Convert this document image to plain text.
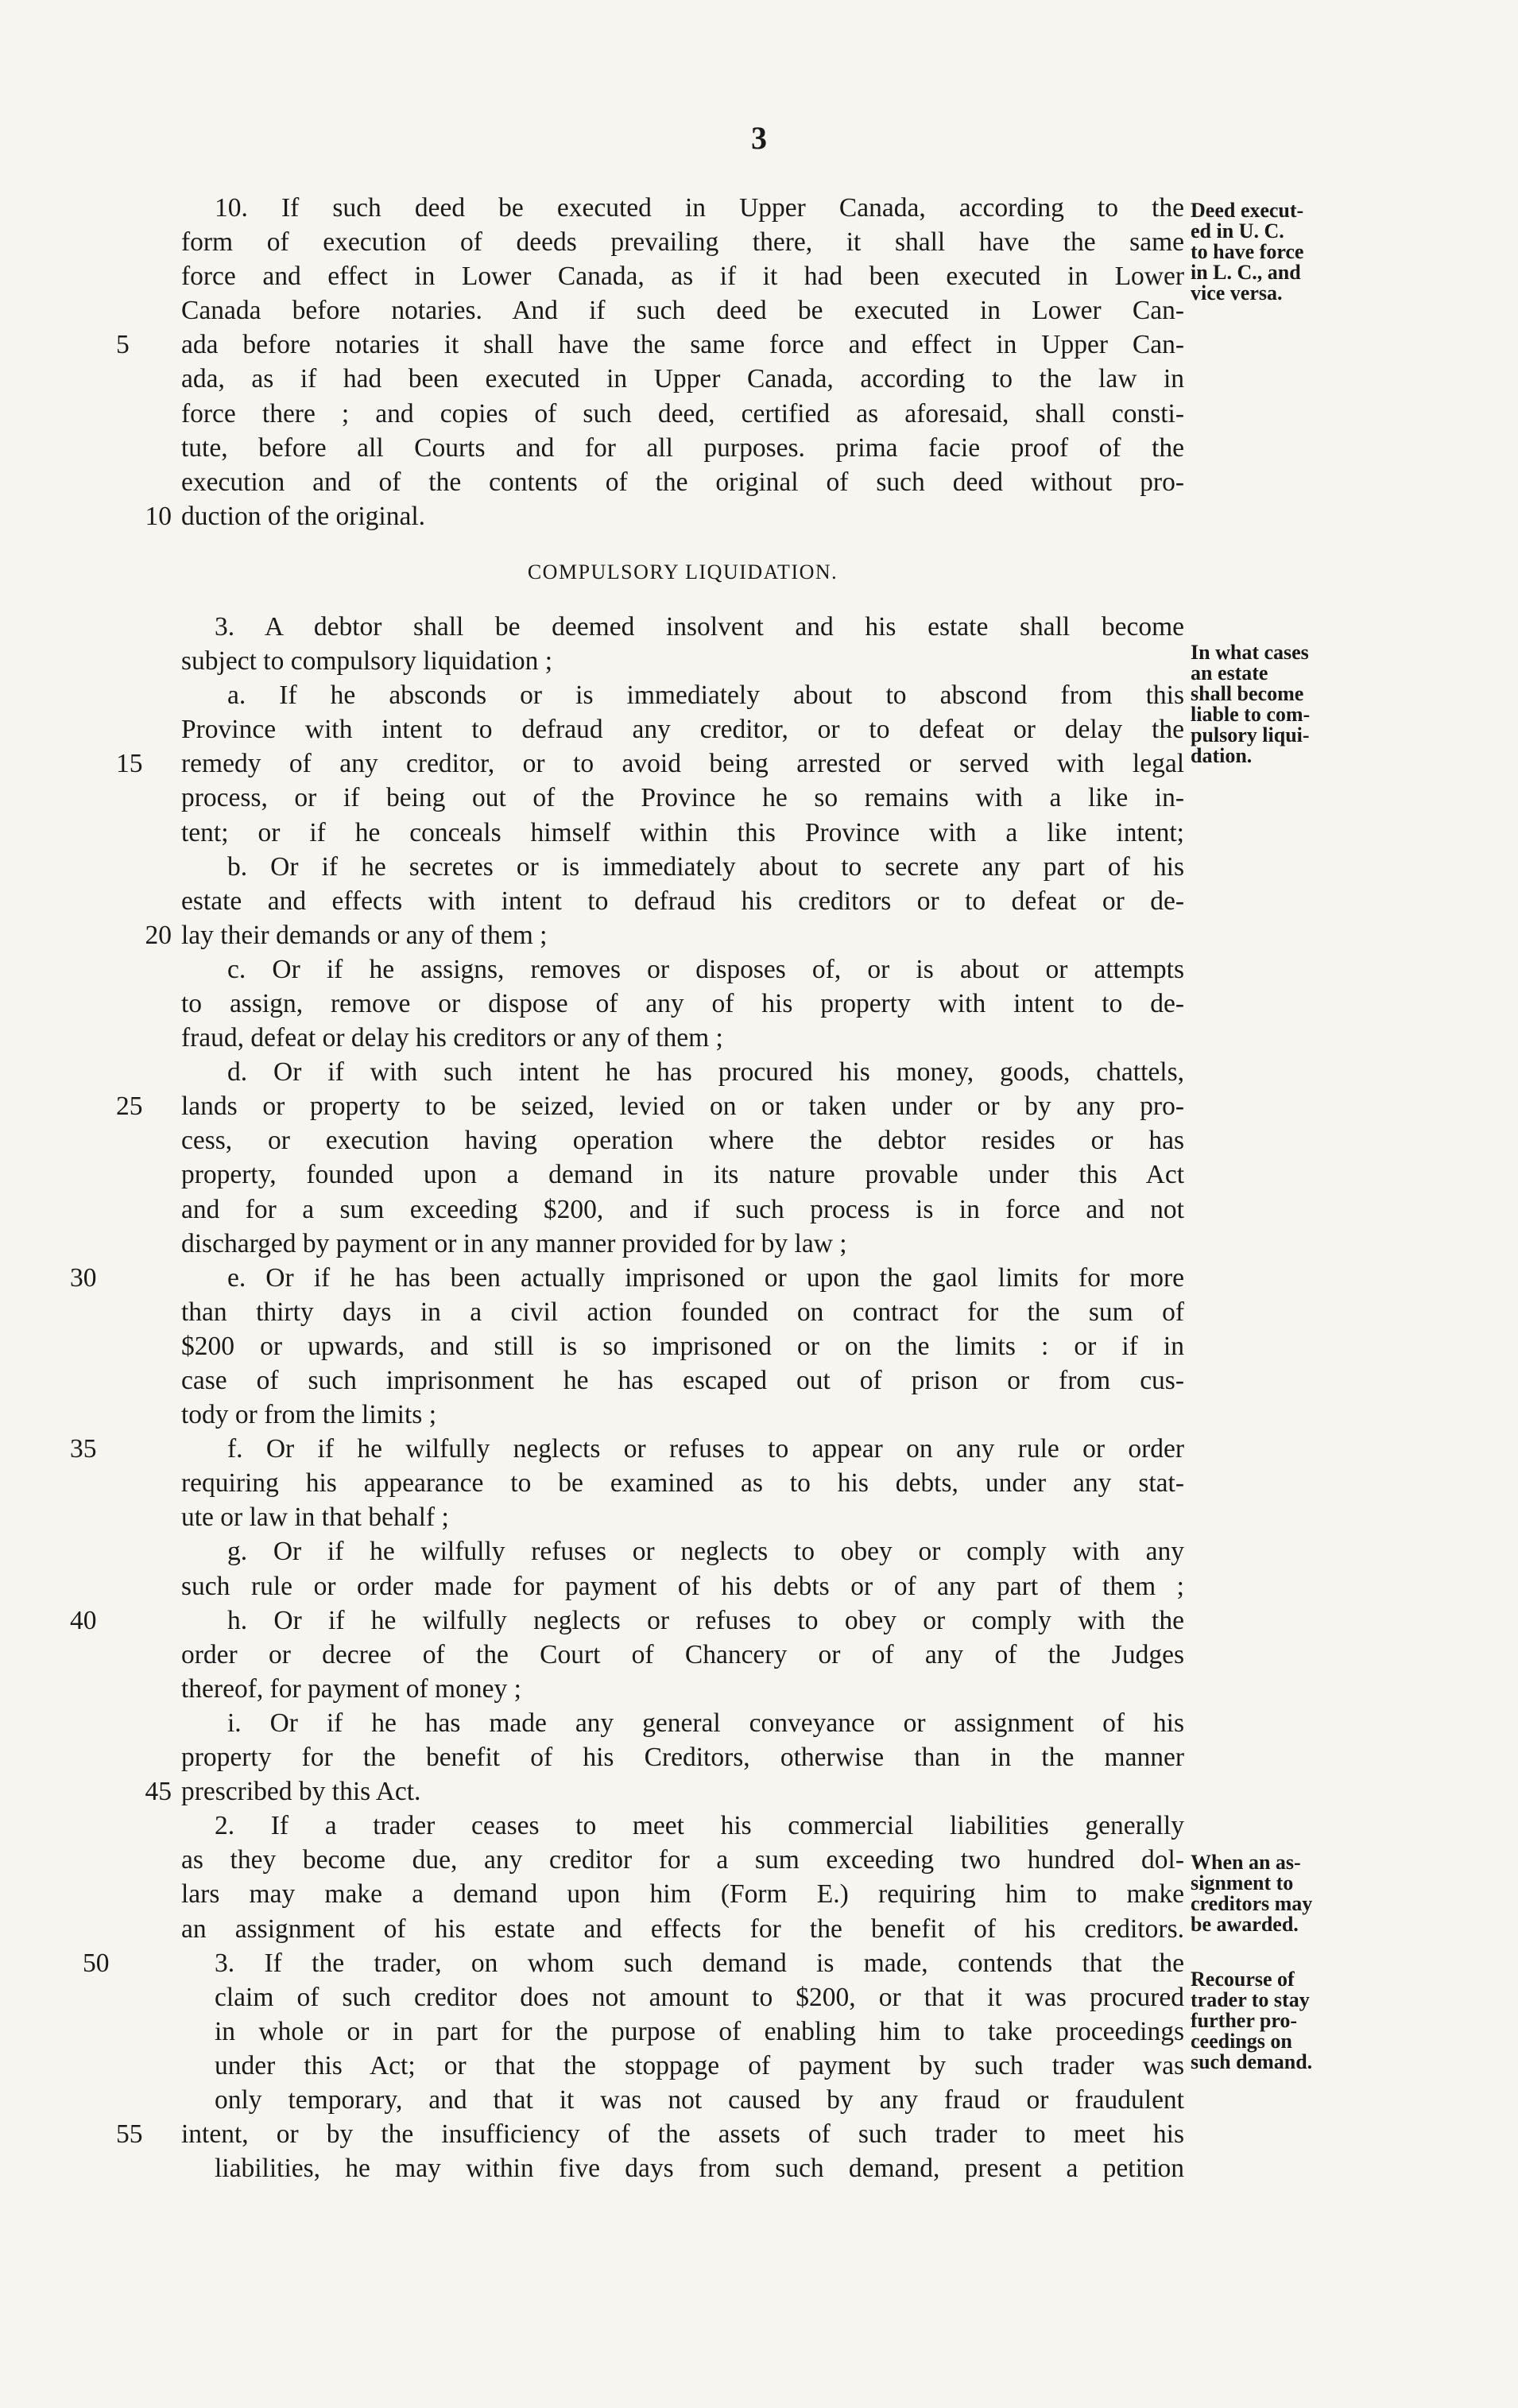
3
Deed execut-
ed in U. C.
to have force
in L. C., and
vice versa.
In what cases
an estate
shall become
liable to com-
pulsory liqui-
dation.
When an as-
signment to
creditors may
be awarded.
Recourse of
trader to stay
further pro-
ceedings on
such demand.
10. If such deed be executed in Upper Canada, according to the
form of execution of deeds prevailing there, it shall have the same
force and effect in Lower Canada, as if it had been executed in Lower
Canada before notaries. And if such deed be executed in Lower Can-
5	ada before notaries it shall have the same force and effect in Upper Can-
ada, as if had been executed in Upper Canada, according to the law in
force there ; and copies of such deed, certified as aforesaid, shall consti-
tute, before all Courts and for all purposes. prima facie proof of the
execution and of the contents of the original of such deed without pro-
10 duction of the original.
COMPULSORY LIQUIDATION.
3. A debtor shall be deemed insolvent and his estate shall become
subject to compulsory liquidation ;
a. If he absconds or is immediately about to abscond from this
Province with intent to defraud any creditor, or to defeat or delay the
15	remedy of any creditor, or to avoid being arrested or served with legal
process, or if being out of the Province he so remains with a like in-
tent; or if he conceals himself within this Province with a like intent;
b. Or if he secretes or is immediately about to secrete any part of his
estate and effects with intent to defraud his creditors or to defeat or de-
20 lay their demands or any of them ;
c. Or if he assigns, removes or disposes of, or is about or attempts
to assign, remove or dispose of any of his property with intent to de-
fraud, defeat or delay his creditors or any of them ;
d. Or if with such intent he has procured his money, goods, chattels,
25	lands or property to be seized, levied on or taken under or by any pro-
cess, or execution having operation where the debtor resides or has
property, founded upon a demand in its nature provable under this Act
and for a sum exceeding $200, and if such process is in force and not
discharged by payment or in any manner provided for by law ;
30	e. Or if he has been actually imprisoned or upon the gaol limits for more
than thirty days in a civil action founded on contract for the sum of
$200 or upwards, and still is so imprisoned or on the limits : or if in
case of such imprisonment he has escaped out of prison or from cus-
tody or from the limits ;
35	f. Or if he wilfully neglects or refuses to appear on any rule or order
requiring his appearance to be examined as to his debts, under any stat-
ute or law in that behalf ;
g. Or if he wilfully refuses or neglects to obey or comply with any
such rule or order made for payment of his debts or of any part of them ;
40	h. Or if he wilfully neglects or refuses to obey or comply with the
order or decree of the Court of Chancery or of any of the Judges
thereof, for payment of money ;
i. Or if he has made any general conveyance or assignment of his
property for the benefit of his Creditors, otherwise than in the manner
45 prescribed by this Act.
2. If a trader ceases to meet his commercial liabilities generally
as they become due, any creditor for a sum exceeding two hundred dol-
lars may make a demand upon him (Form E.) requiring him to make
an assignment of his estate and effects for the benefit of his creditors.
50	3. If the trader, on whom such demand is made, contends that the
claim of such creditor does not amount to $200, or that it was procured
in whole or in part for the purpose of enabling him to take proceedings
under this Act; or that the stoppage of payment by such trader was
only temporary, and that it was not caused by any fraud or fraudulent
55	intent, or by the insufficiency of the assets of such trader to meet his
liabilities, he may within five days from such demand, present a petition
